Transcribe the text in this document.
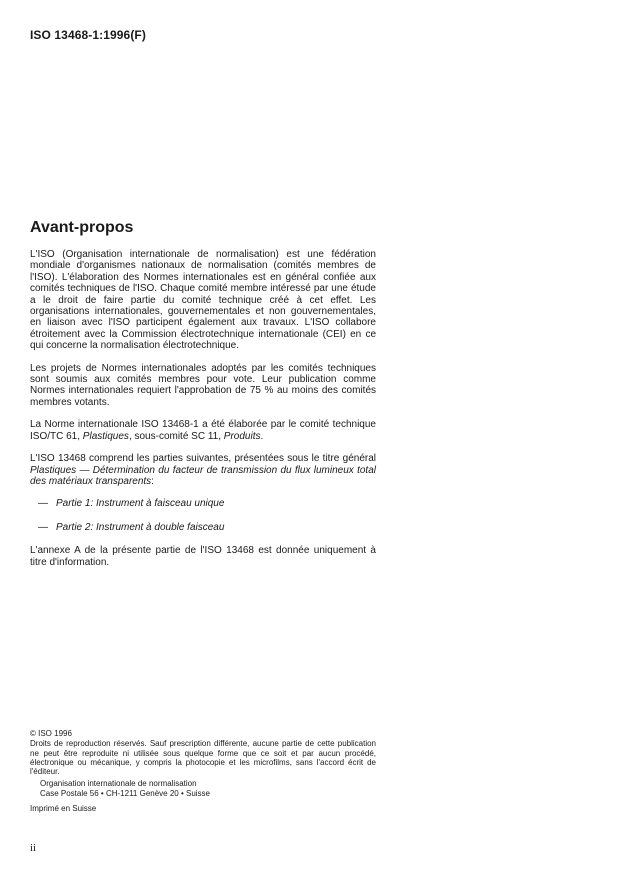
ISO 13468-1:1996(F)
Avant-propos

L'ISO (Organisation internationale de normalisation) est une fédération mondiale d'organismes nationaux de normalisation (comités membres de l'ISO). L'élaboration des Normes internationales est en général confiée aux comités techniques de l'ISO. Chaque comité membre intéressé par une étude a le droit de faire partie du comité technique créé à cet effet. Les organisations internationales, gouvernementales et non gouvernementales, en liaison avec l'ISO participent également aux travaux. L'ISO collabore étroitement avec la Commission électrotechnique internationale (CEI) en ce qui concerne la normalisation électrotechnique.

Les projets de Normes internationales adoptés par les comités techniques sont soumis aux comités membres pour vote. Leur publication comme Normes internationales requiert l'approbation de 75 % au moins des comités membres votants.

La Norme internationale ISO 13468-1 a été élaborée par le comité technique ISO/TC 61, Plastiques, sous-comité SC 11, Produits.

L'ISO 13468 comprend les parties suivantes, présentées sous le titre général Plastiques — Détermination du facteur de transmission du flux lumineux total des matériaux transparents:

— Partie 1: Instrument à faisceau unique
— Partie 2: Instrument à double faisceau

L'annexe A de la présente partie de l'ISO 13468 est donnée uniquement à titre d'information.

© ISO 1996

Droits de reproduction réservés. Sauf prescription différente, aucune partie de cette publication ne peut être reproduite ni utilisée sous quelque forme que ce soit et par aucun procédé, électronique ou mécanique, y compris la photocopie et les microfilms, sans l'accord écrit de l'éditeur.

Organisation internationale de normalisation

Case Postale 56 • CH-1211 Genève 20 • Suisse

Imprimé en Suisse

ii
